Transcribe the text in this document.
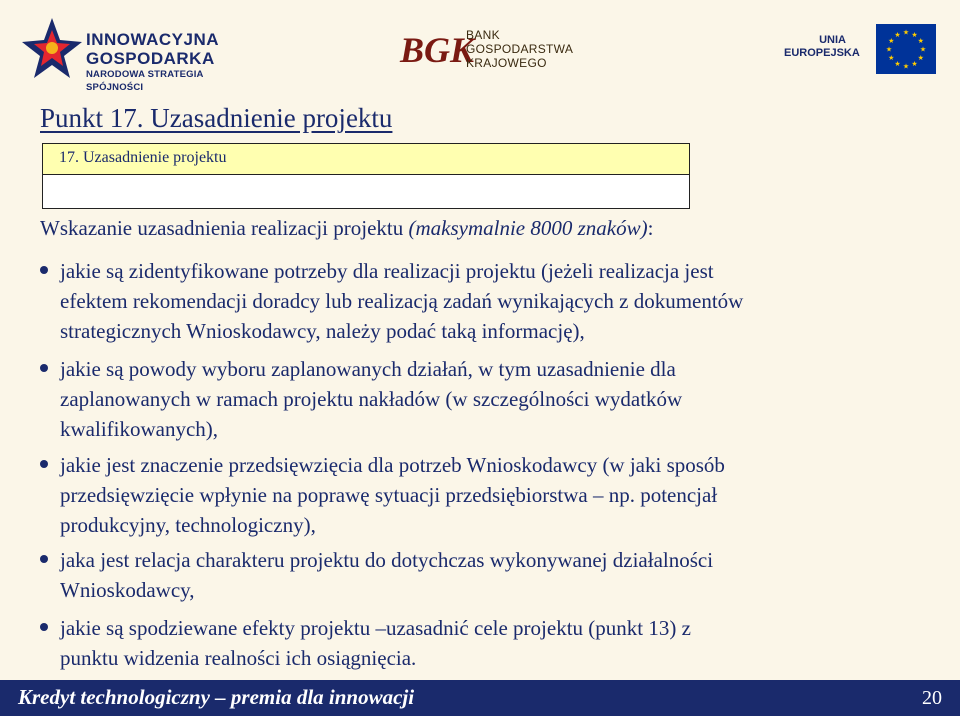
INNOWACYJNA
GOSPODARKA
NARODOWA STRATEGIA SPÓJNOŚCI
BGK
BANK
GOSPODARSTWA
KRAJOWEGO
UNIA
EUROPEJSKA
★ ★
★
★
★
★
★
★
★
★
★
★
Punkt 17. Uzasadnienie projektu
17. Uzasadnienie projektu
Wskazanie uzasadnienia realizacji projektu (maksymalnie 8000 znaków):
jakie są zidentyfikowane potrzeby dla realizacji projektu (jeżeli realizacja jest
efektem rekomendacji doradcy lub realizacją zadań wynikających z dokumentów
strategicznych Wnioskodawcy, należy podać taką informację),
jakie są powody wyboru zaplanowanych działań, w tym uzasadnienie dla
zaplanowanych w ramach projektu nakładów (w szczególności wydatków
kwalifikowanych),
jakie jest znaczenie przedsięwzięcia dla potrzeb Wnioskodawcy (w jaki sposób
przedsięwzięcie wpłynie na poprawę sytuacji przedsiębiorstwa – np. potencjał
produkcyjny, technologiczny),
jaka jest relacja charakteru projektu do dotychczas wykonywanej działalności
Wnioskodawcy,
jakie są spodziewane efekty projektu –uzasadnić cele projektu (punkt 13) z
punktu widzenia realności ich osiągnięcia.
Kredyt technologiczny – premia dla innowacji	20
